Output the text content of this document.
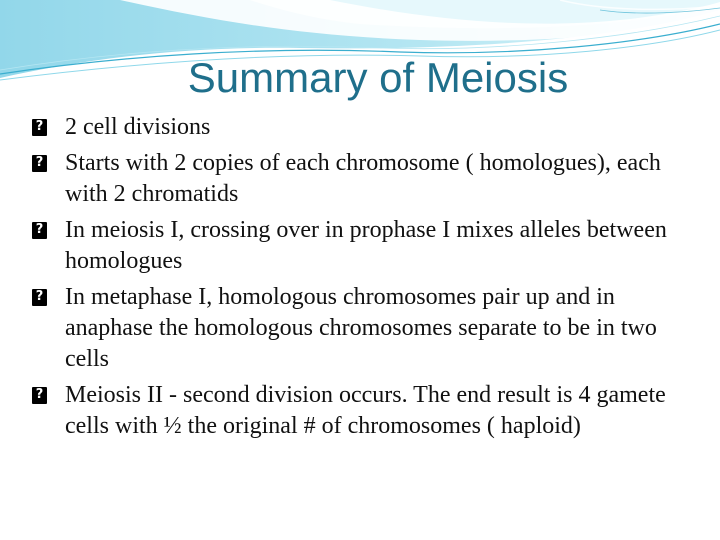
Summary of Meiosis
?
2 cell divisions
?
Starts with 2 copies of each chromosome ( homologues), each with 2 chromatids
?
In meiosis I, crossing over in prophase I mixes alleles between homologues
?
In metaphase I, homologous chromosomes pair up and in anaphase the homologous chromosomes separate to be in two cells
?
Meiosis II - second division occurs. The end result is 4 gamete cells with ½ the original # of chromosomes ( haploid)
